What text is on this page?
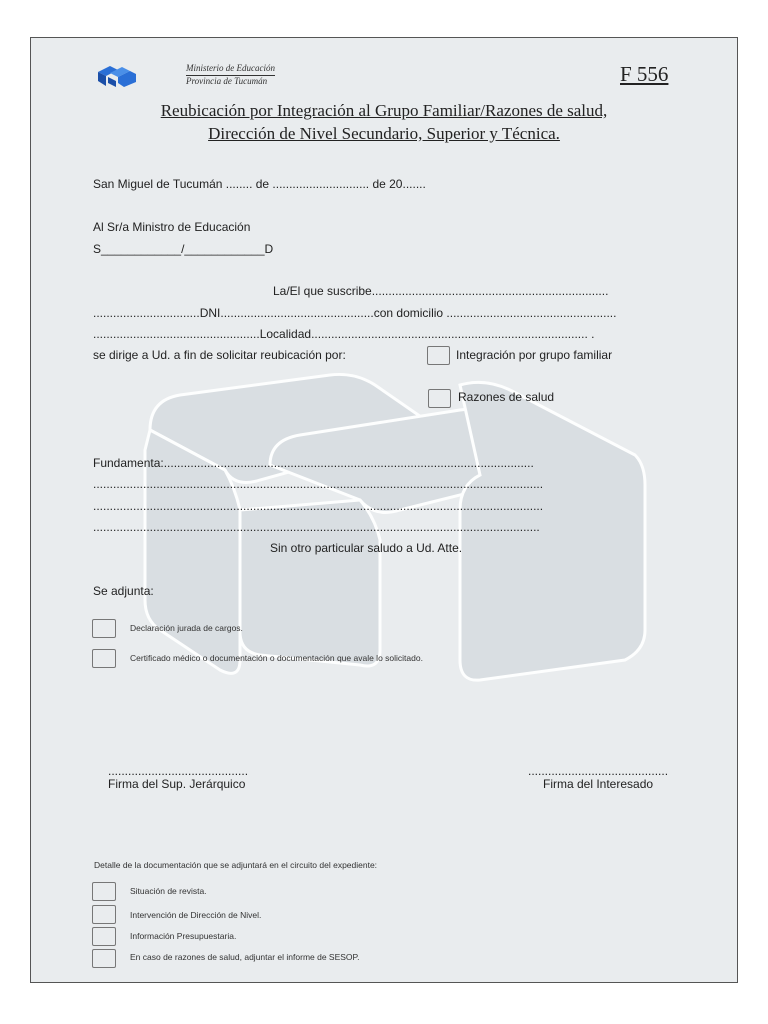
Ministerio de Educación
Provincia de Tucumán	F 556
Reubicación por Integración al Grupo Familiar/Razones de salud,
Dirección de Nivel Secundario, Superior y Técnica.
San Miguel de Tucumán ........ de ............................. de 20.......
Al Sr/a Ministro de Educación
S____________/____________D
La/El que suscribe.......................................................................
................................DNI..............................................con domicilio ...................................................
..................................................Localidad................................................................................... .
se dirige a Ud. a fin de solicitar reubicación por:	Integración por grupo familiar
Razones de salud
Fundamenta:...............................................................................................................
.......................................................................................................................................
.......................................................................................................................................
......................................................................................................................................
Sin otro particular saludo a Ud. Atte.
Se adjunta:
Declaración jurada de cargos.
Certificado médico o documentación o documentación que avale lo solicitado.
..........................................
Firma del Sup. Jerárquico
..........................................
Firma del Interesado
Detalle de la documentación que se adjuntará en el circuito del expediente:
Situación de revista.
Intervención de Dirección de Nivel.
Información Presupuestaria.
En caso de razones de salud, adjuntar el informe de SESOP.
